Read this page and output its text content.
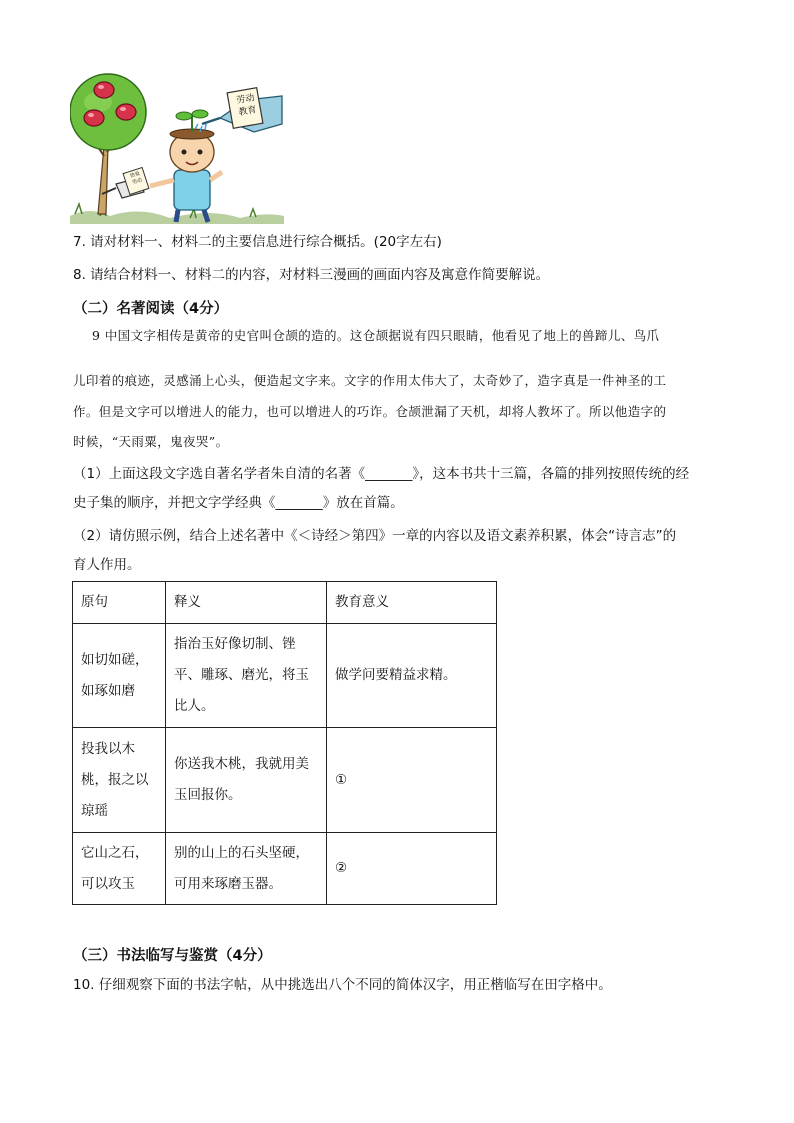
劳动
教育
热爱
劳动
7. 请对材料一、材料二的主要信息进行综合概括。(20字左右)
8. 请结合材料一、材料二的内容，对材料三漫画的画面内容及寓意作简要解说。
（二）名著阅读（4分）
9 中国文字相传是黄帝的史官叫仓颉的造的。这仓颉据说有四只眼睛，他看见了地上的兽蹄儿、鸟爪
儿印着的痕迹，灵感涌上心头，便造起文字来。文字的作用太伟大了，太奇妙了，造字真是一件神圣的工
作。但是文字可以增进人的能力，也可以增进人的巧诈。仓颉泄漏了天机，却将人教坏了。所以他造字的
时候，“天雨粟，鬼夜哭”。
（1）上面这段文字选自著名学者朱自清的名著《_______》，这本书共十三篇，各篇的排列按照传统的经
史子集的顺序，并把文字学经典《_______》放在首篇。
（2）请仿照示例，结合上述名著中《＜诗经＞第四》一章的内容以及语文素养积累，体会“诗言志”的
育人作用。
原句	释义	教育意义

如切如磋，
如琢如磨	指治玉好像切制、锉
平、雕琢、磨光，将玉
比人。	做学问要精益求精。

投我以木
桃，报之以
琼瑶	你送我木桃，我就用美
玉回报你。	①

它山之石，
可以攻玉	别的山上的石头坚硬，
可用来琢磨玉器。	②
（三）书法临写与鉴赏（4分）
10. 仔细观察下面的书法字帖，从中挑选出八个不同的简体汉字，用正楷临写在田字格中。
